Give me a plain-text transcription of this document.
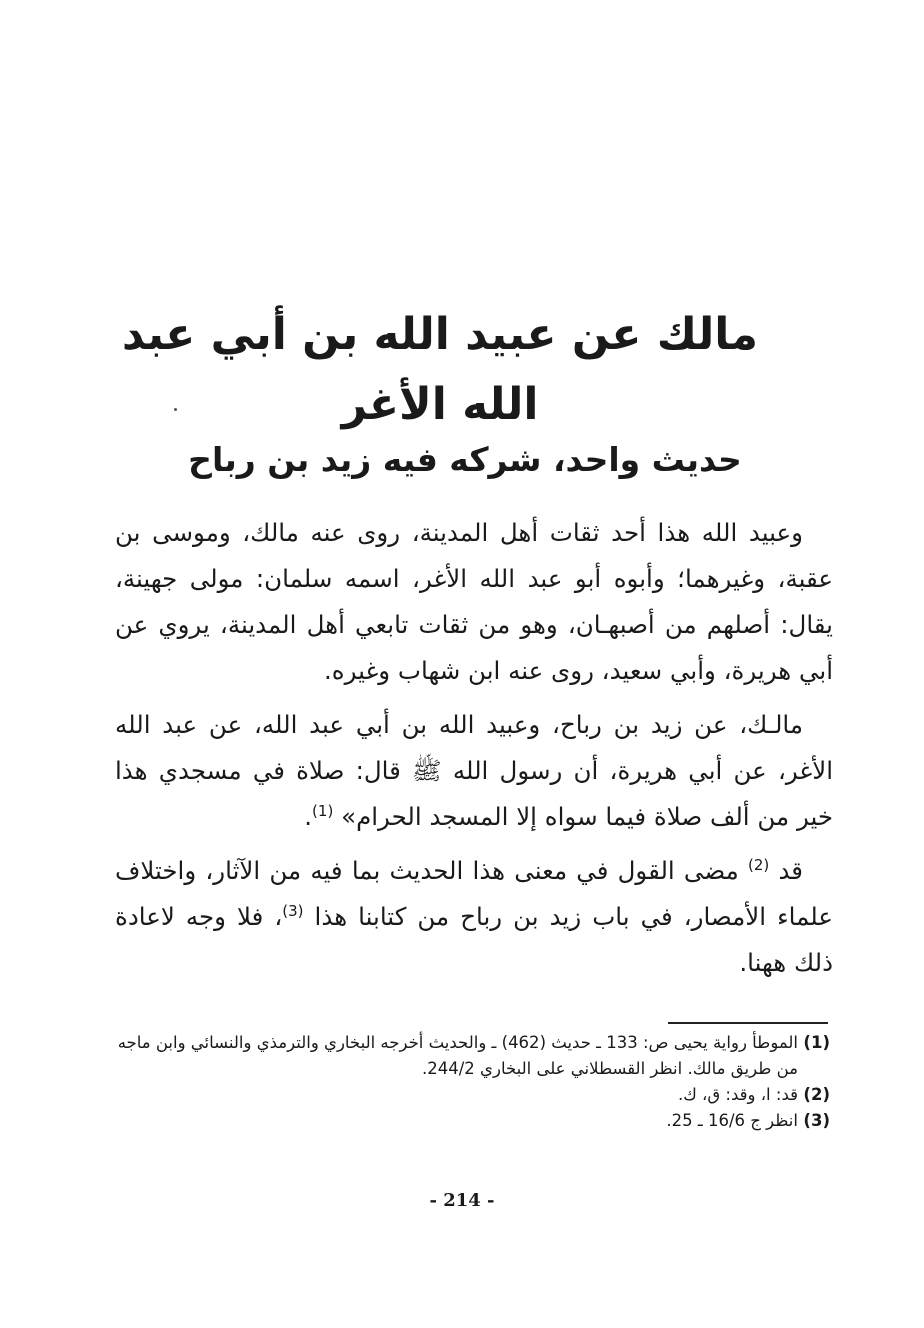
مالك عن عبيد الله بن أبي عبد الله الأغر
حديث واحد، شركه فيه زيد بن رباح

وعبيد الله هذا أحد ثقات أهل المدينة، روى عنه مالك، وموسى بن عقبة، وغيرهما؛ وأبوه أبو عبد الله الأغر، اسمه سلمان: مولى جهينة، يقال: أصلهم من أصبهـان، وهو من ثقات تابعي أهل المدينة، يروي عن أبي هريرة، وأبي سعيد، روى عنه ابن شهاب وغيره.

مالـك، عن زيد بن رباح، وعبيد الله بن أبي عبد الله، عن عبد الله الأغر، عن أبي هريرة، أن رسول الله ﷺ قال: صلاة في مسجدي هذا خير من ألف صلاة فيما سواه إلا المسجد الحرام» $^{(1)}$.

قد $^{(2)}$ مضى القول في معنى هذا الحديث بما فيه من الآثار، واختلاف علماء الأمصار، في باب زيد بن رباح من كتابنا هذا $^{(3)}$، فلا وجه لاعادة ذلك ههنا.

(1)
الموطأ رواية يحيى ص: 133 ـ حديث (462) ـ والحديث أخرجه البخاري والترمذي والنسائي وابن ماجه من طريق مالك. انظر القسطلاني على البخاري 244/2.
(2)
قد: ا، وقد: ق، ك.
(3)
انظر ج 16/6 ـ 25.
- 214 -
